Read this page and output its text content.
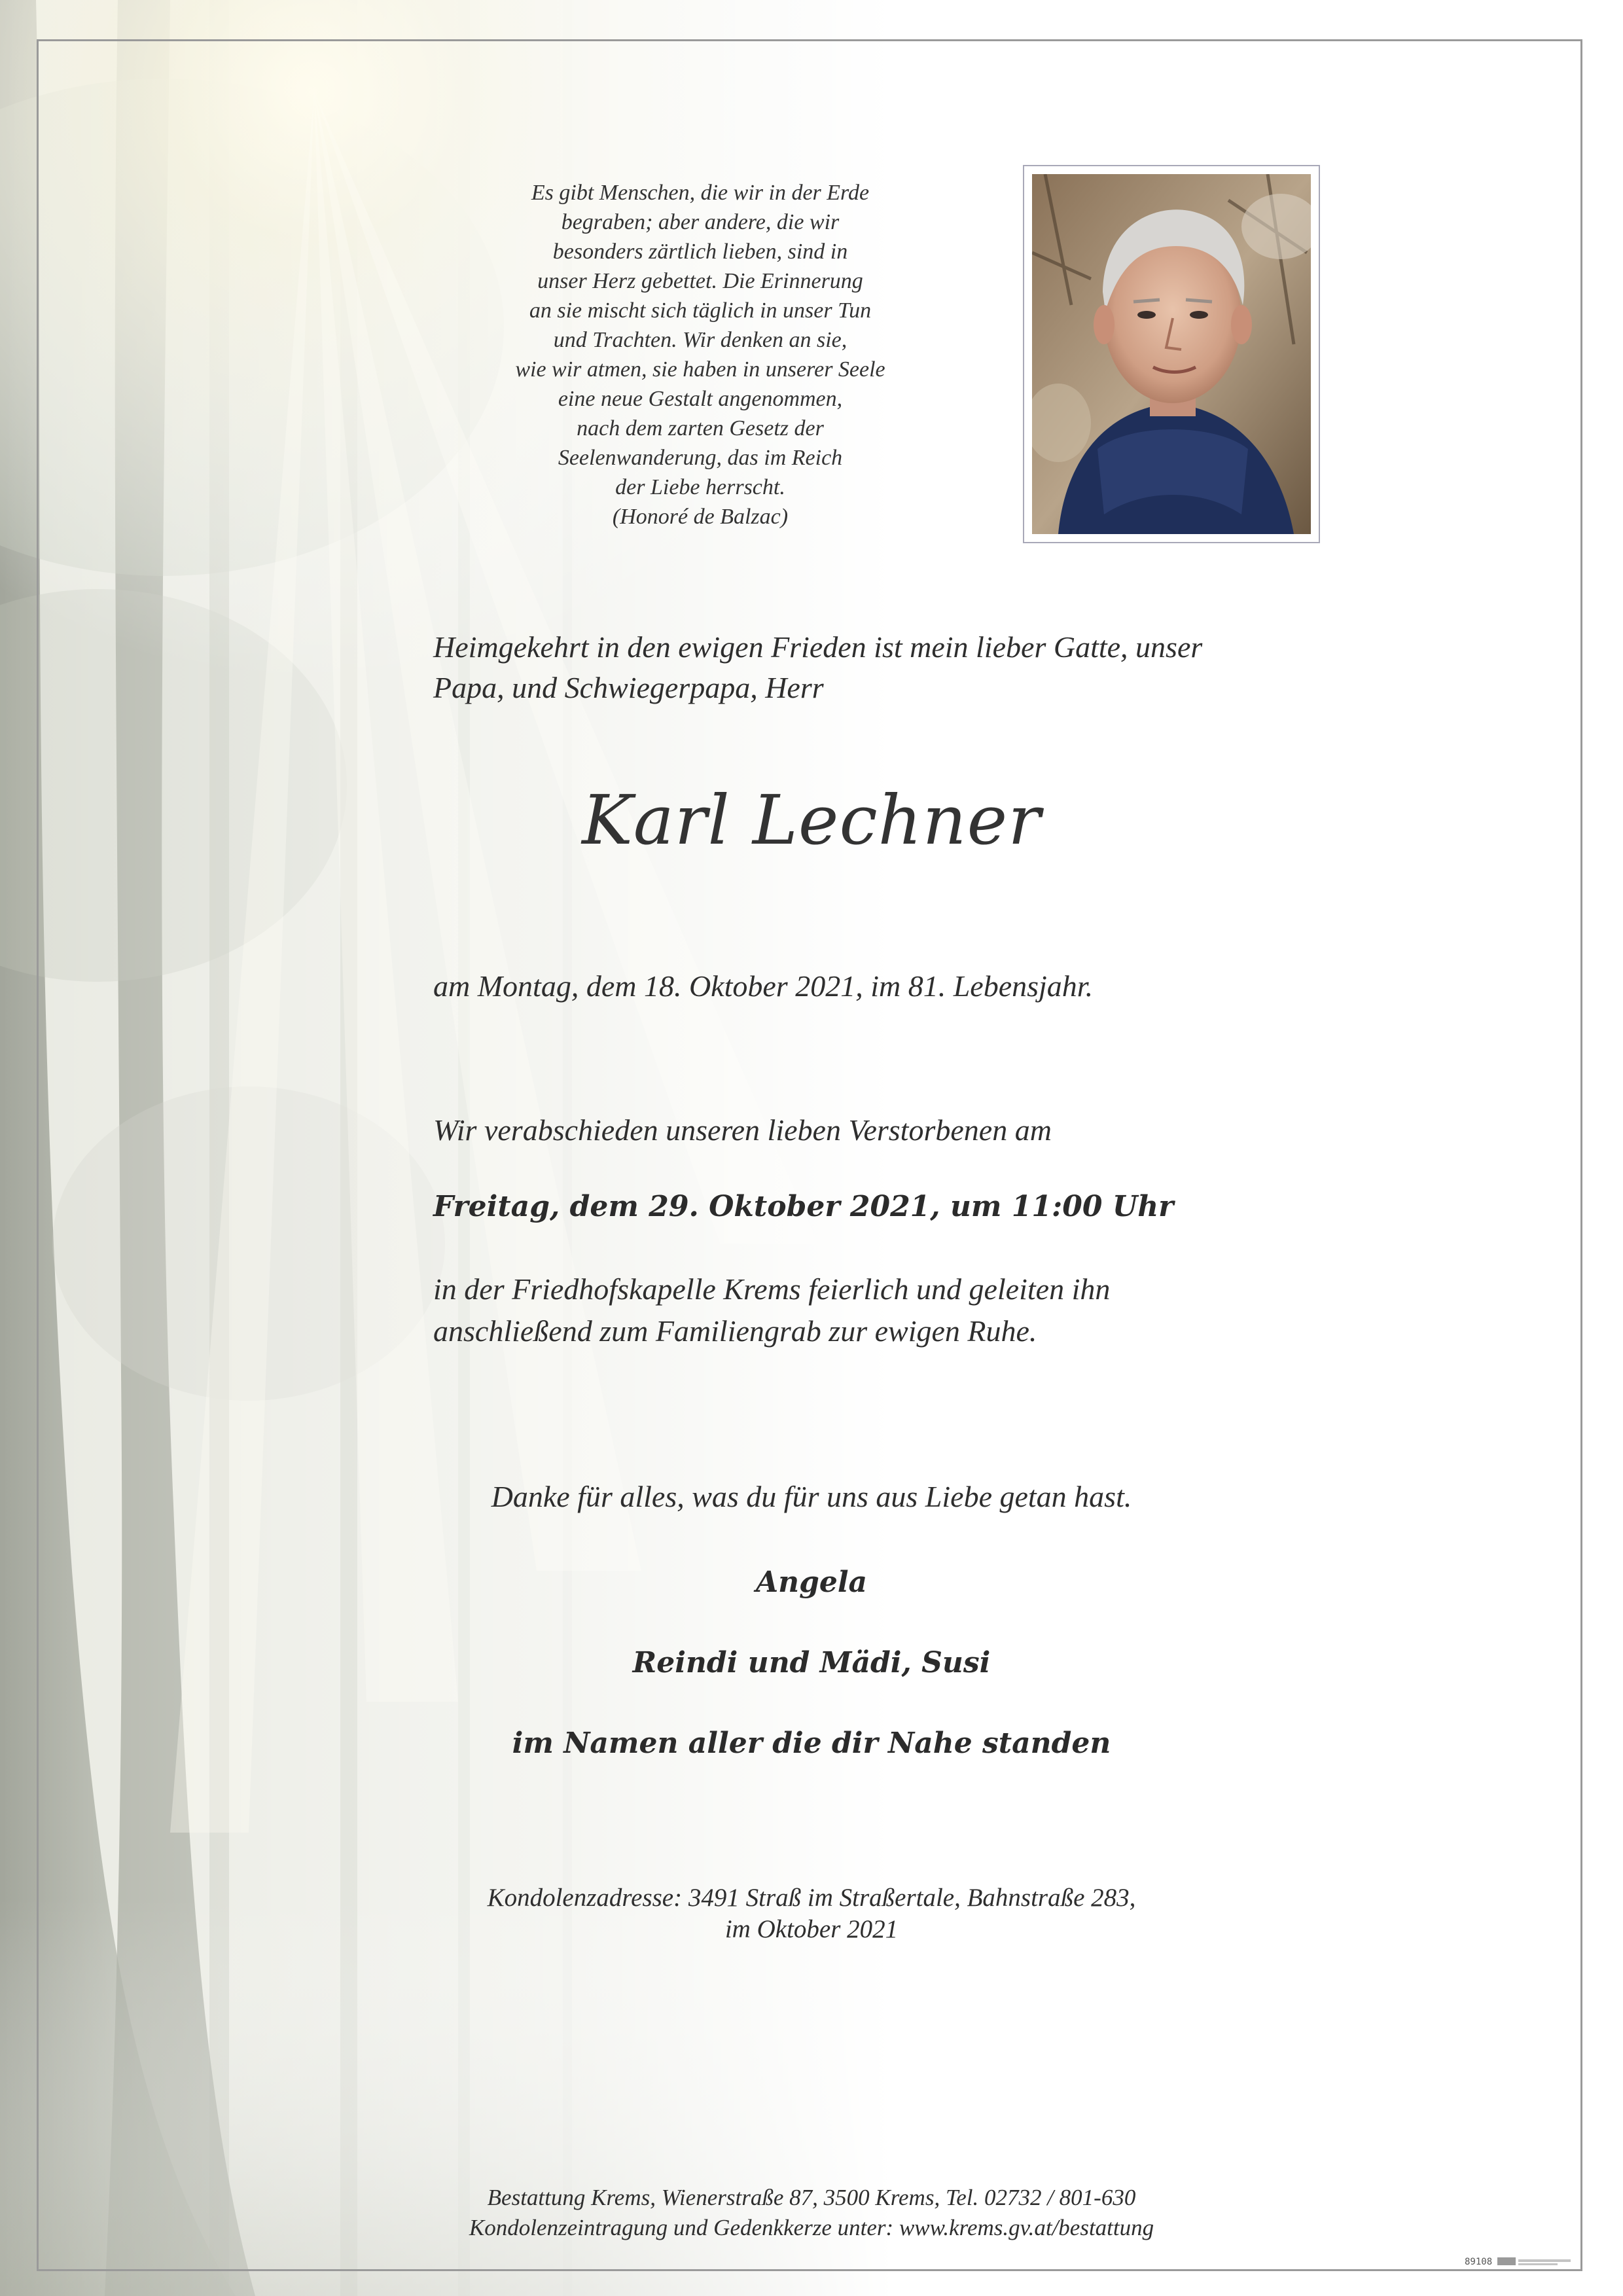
Es gibt Menschen, die wir in der Erde
begraben; aber andere, die wir
besonders zärtlich lieben, sind in
unser Herz gebettet. Die Erinnerung
an sie mischt sich täglich in unser Tun
und Trachten. Wir denken an sie,
wie wir atmen, sie haben in unserer Seele
eine neue Gestalt angenommen,
nach dem zarten Gesetz der
Seelenwanderung, das im Reich
der Liebe herrscht.
(Honoré de Balzac)
Heimgekehrt in den ewigen Frieden ist mein lieber Gatte, unser
Papa, und Schwiegerpapa, Herr
Karl Lechner
am Montag, dem 18. Oktober 2021, im 81. Lebensjahr.
Wir verabschieden unseren lieben Verstorbenen am
Freitag, dem 29. Oktober 2021, um 11:00 Uhr
in der Friedhofskapelle Krems feierlich und geleiten ihn
anschließend zum Familiengrab zur ewigen Ruhe.
Danke für alles, was du für uns aus Liebe getan hast.
Angela
Reindi und Mädi, Susi
im Namen aller die dir Nahe standen
Kondolenzadresse: 3491 Straß im Straßertale, Bahnstraße 283,
im Oktober 2021
Bestattung Krems, Wienerstraße 87, 3500 Krems, Tel. 02732 / 801-630
Kondolenzeintragung und Gedenkkerze unter: www.krems.gv.at/bestattung
89108
